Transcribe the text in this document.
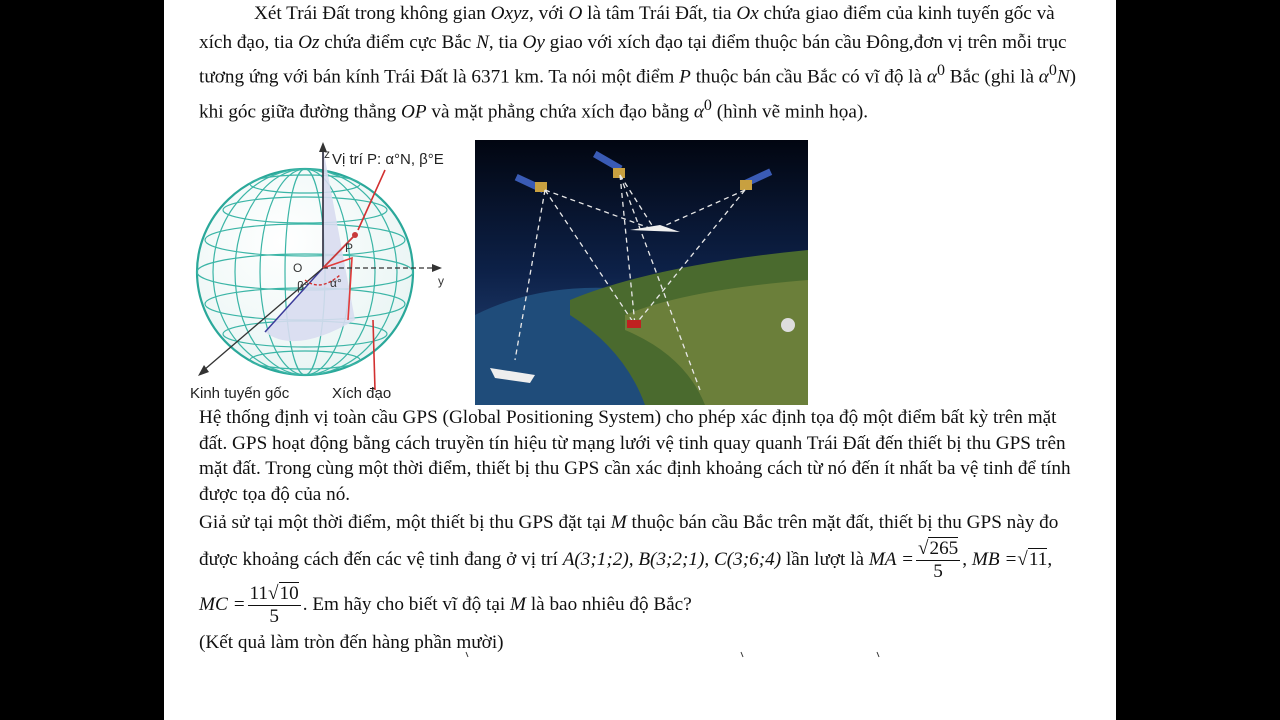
Xét Trái Đất trong không gian Oxyz, với O là tâm Trái Đất, tia Ox chứa giao điểm của kinh tuyến gốc và xích đạo, tia Oz chứa điểm cực Bắc N, tia Oy giao với xích đạo tại điểm thuộc bán cầu Đông,đơn vị trên mỗi trục tương ứng với bán kính Trái Đất là 6371 km. Ta nói một điểm P thuộc bán cầu Bắc có vĩ độ là $\alpha^0$ Bắc (ghi là $\alpha^0N$) khi góc giữa đường thẳng OP và mặt phẳng chứa xích đạo bằng $\alpha^0$ (hình vẽ minh họa).

z
y
O
P
β° α°
Vị trí P: α°N, β°E
Kinh tuyến gốc	Xích đạo

Hệ thống định vị toàn cầu GPS (Global Positioning System) cho phép xác định tọa độ một điểm bất kỳ trên mặt đất. GPS hoạt động bằng cách truyền tín hiệu từ mạng lưới vệ tinh quay quanh Trái Đất đến thiết bị thu GPS trên mặt đất. Trong cùng một thời điểm, thiết bị thu GPS cần xác định khoảng cách từ nó đến ít nhất ba vệ tinh để tính được tọa độ của nó.

Giả sử tại một thời điểm, một thiết bị thu GPS đặt tại M thuộc bán cầu Bắc trên mặt đất, thiết bị thu GPS này đo được khoảng cách đến các vệ tinh đang ở vị trí A(3;1;2), B(3;2;1), C(3;6;4) lần lượt là MA = $\frac{√265}{5}$ , MB =√11, MC = $\frac{11√10}{5}$ . Em hãy cho biết vĩ độ tại M là bao nhiêu độ Bắc?
(Kết quả làm tròn đến hàng phần mười)
